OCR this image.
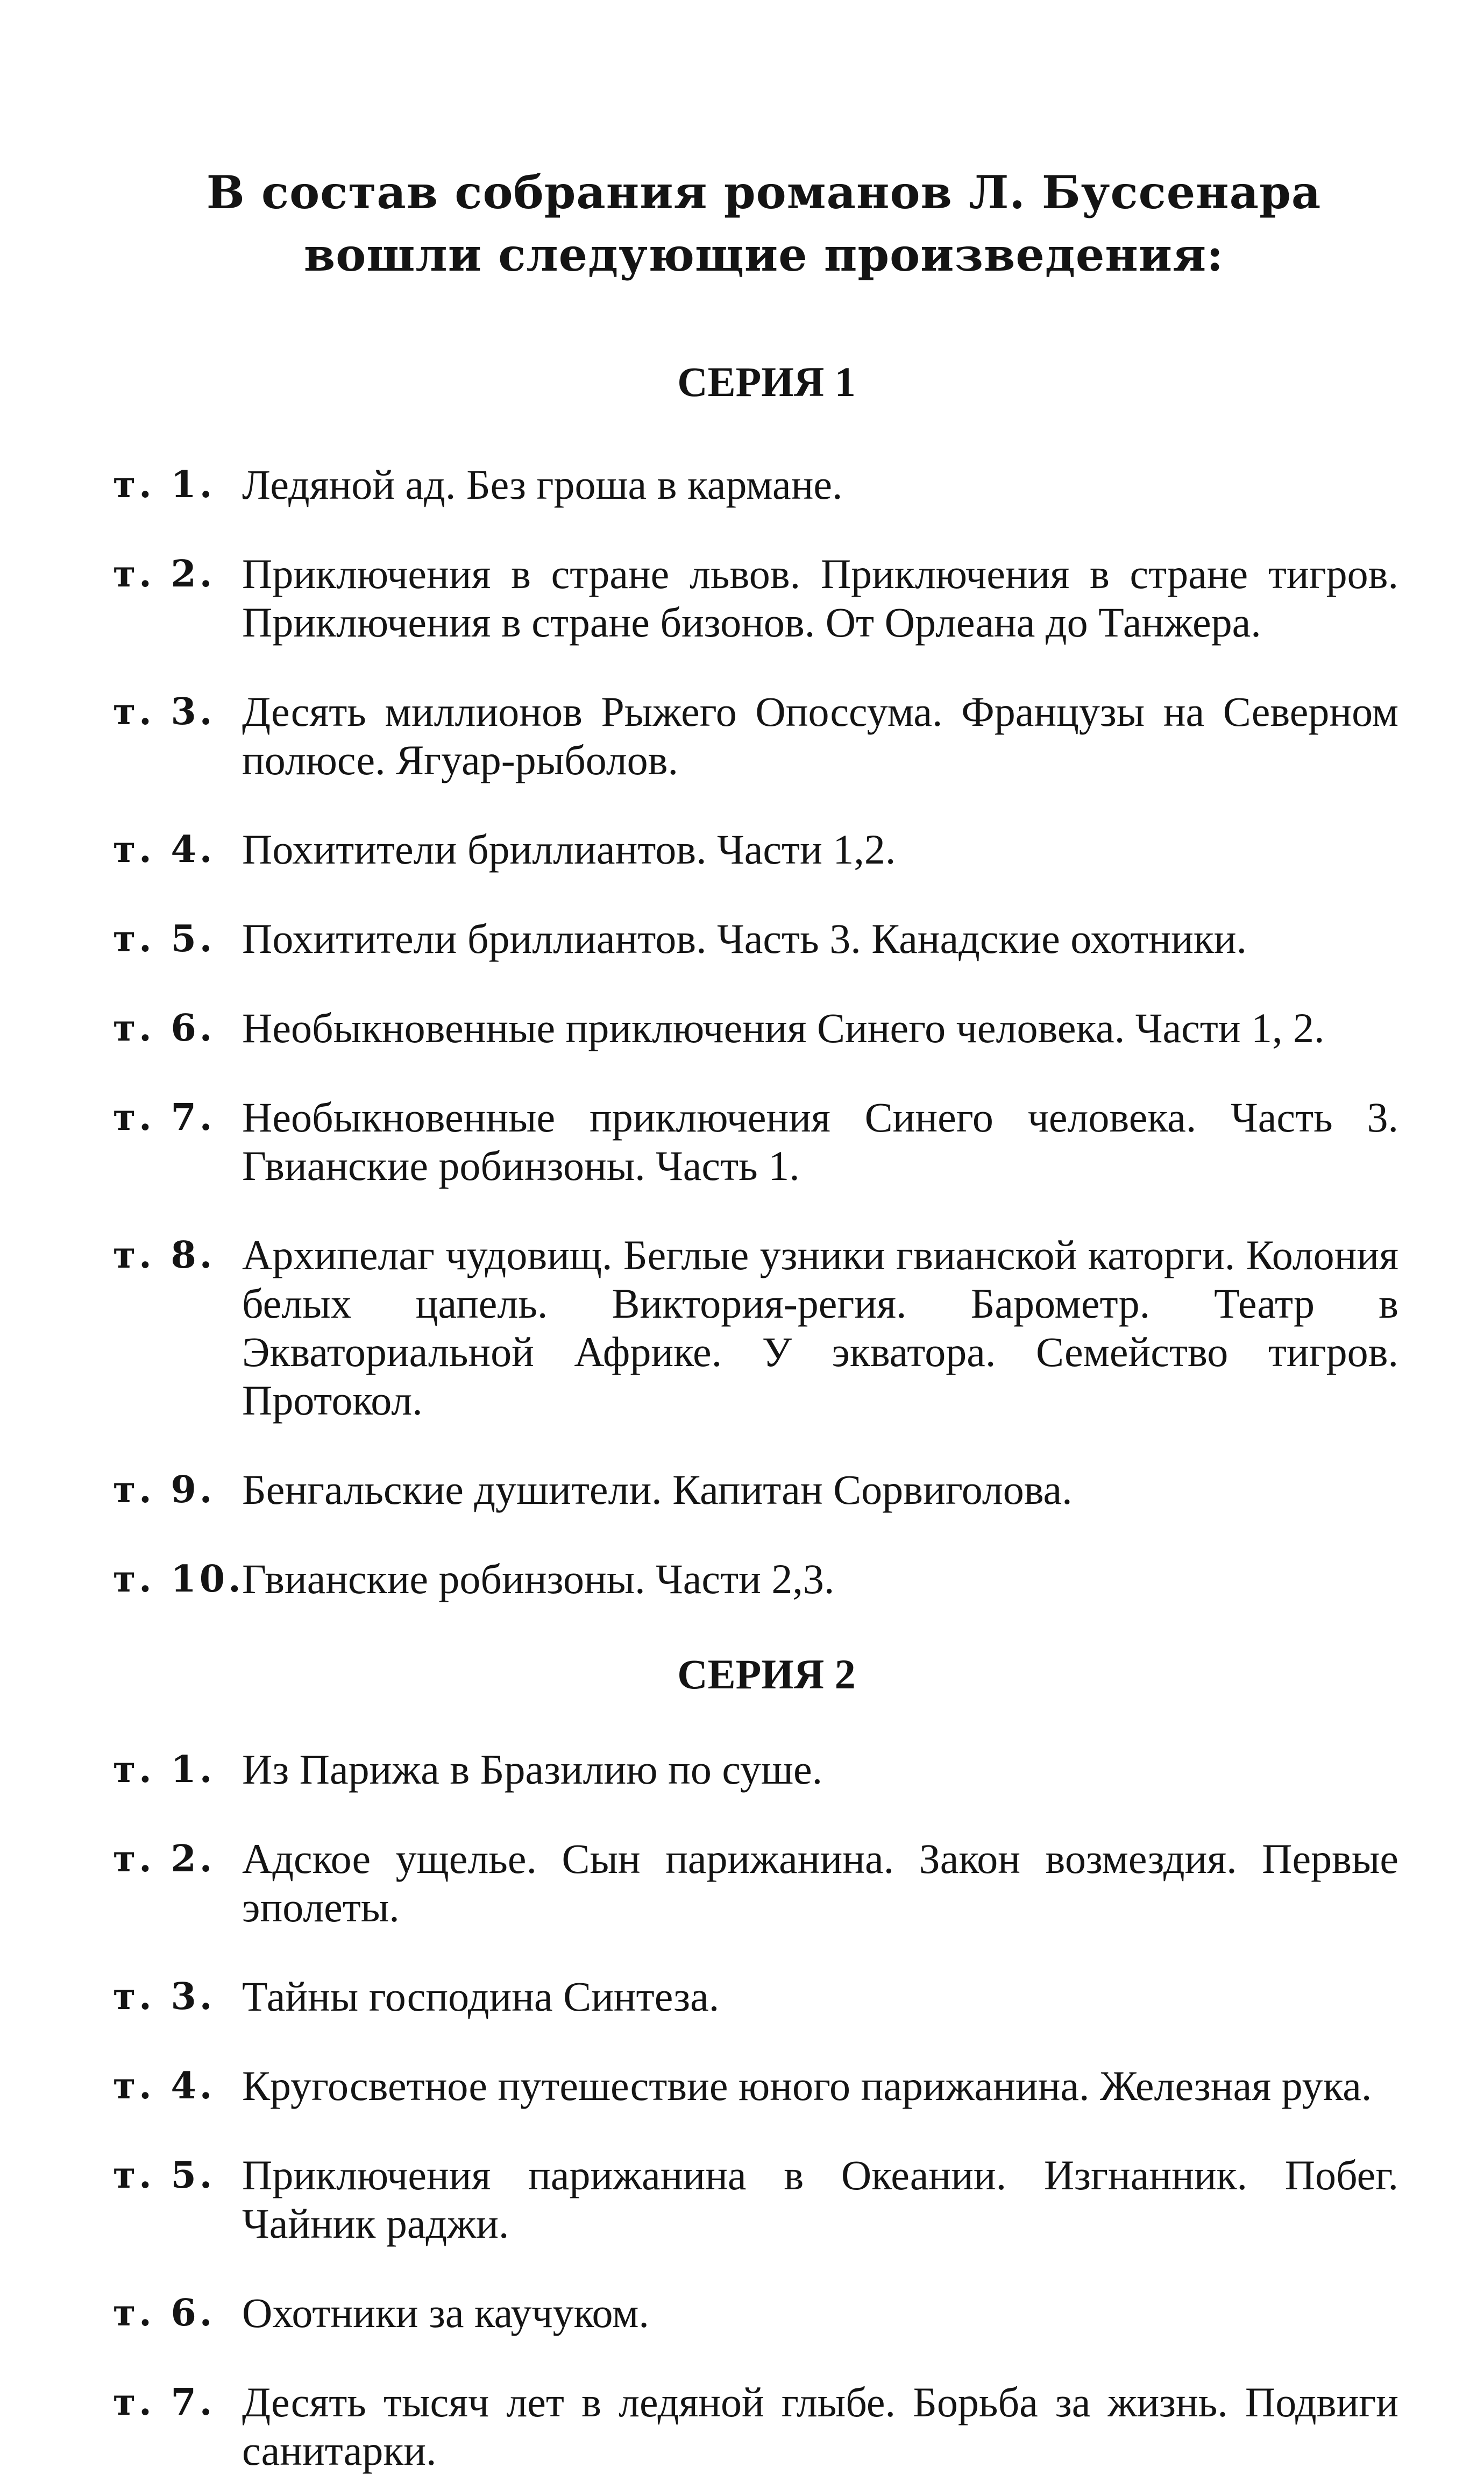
В состав собрания романов Л. Буссенара
вошли следующие произведения:
СЕРИЯ 1
т. 1. Ледяной ад. Без гроша в кармане.
т. 2. Приключения в стране львов. Приключения в стране тигров. Приключения в стране бизонов. От Орлеана до Танжера.
т. 3. Десять миллионов Рыжего Опоссума. Французы на Северном полюсе. Ягуар-рыболов.
т. 4. Похитители бриллиантов. Части 1,2.
т. 5. Похитители бриллиантов. Часть 3. Канадские охотники.
т. 6. Необыкновенные приключения Синего человека. Части 1, 2.
т. 7. Необыкновенные приключения Синего человека. Часть 3. Гвианские робинзоны. Часть 1.
т. 8. Архипелаг чудовищ. Беглые узники гвианской каторги. Колония белых цапель. Виктория-регия. Барометр. Театр в Экваториальной Африке. У экватора. Семейство тигров. Протокол.
т. 9. Бенгальские душители. Капитан Сорвиголова.
т. 10.
Гвианские робинзоны. Части 2,3.
СЕРИЯ 2
т. 1. Из Парижа в Бразилию по суше.
т. 2. Адское ущелье. Сын парижанина. Закон возмездия. Первые эполеты.
т. 3. Тайны господина Синтеза.
т. 4. Кругосветное путешествие юного парижанина. Железная рука.
т. 5. Приключения парижанина в Океании. Изгнанник. Побег. Чайник раджи.
т. 6. Охотники за каучуком.
т. 7. Десять тысяч лет в ледяной глыбе. Борьба за жизнь. Подвиги санитарки.
